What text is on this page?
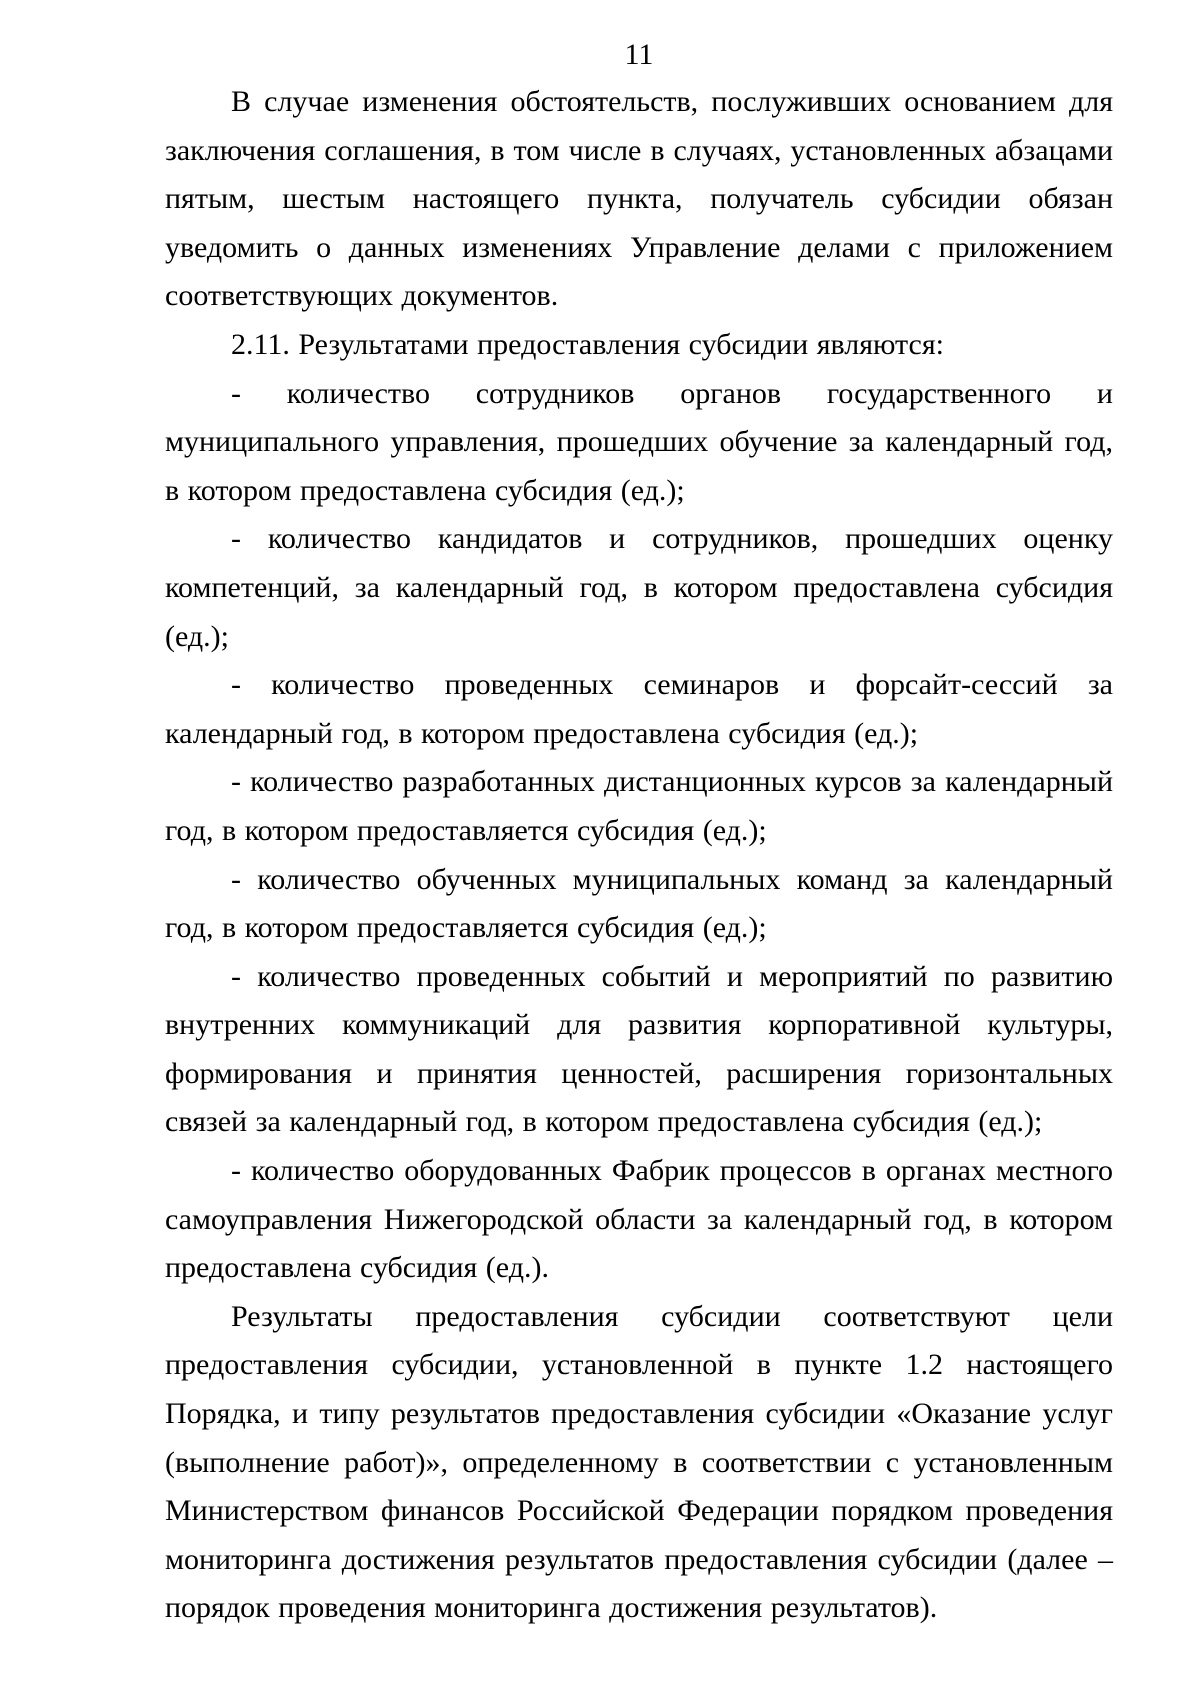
11

В случае изменения обстоятельств, послуживших основанием для заключения соглашения, в том числе в случаях, установленных абзацами пятым, шестым настоящего пункта, получатель субсидии обязан уведомить о данных изменениях Управление делами с приложением соответствующих документов.

2.11. Результатами предоставления субсидии являются:

- количество сотрудников органов государственного и муниципального управления, прошедших обучение за календарный год, в котором предоставлена субсидия (ед.);

- количество кандидатов и сотрудников, прошедших оценку компетенций, за календарный год, в котором предоставлена субсидия (ед.);

- количество проведенных семинаров и форсайт-сессий за календарный год, в котором предоставлена субсидия (ед.);

- количество разработанных дистанционных курсов за календарный год, в котором предоставляется субсидия (ед.);

- количество обученных муниципальных команд за календарный год, в котором предоставляется субсидия (ед.);

- количество проведенных событий и мероприятий по развитию внутренних коммуникаций для развития корпоративной культуры, формирования и принятия ценностей, расширения горизонтальных связей за календарный год, в котором предоставлена субсидия (ед.);

- количество оборудованных Фабрик процессов в органах местного самоуправления Нижегородской области за календарный год, в котором предоставлена субсидия (ед.).

Результаты предоставления субсидии соответствуют цели предоставления субсидии, установленной в пункте 1.2 настоящего Порядка, и типу результатов предоставления субсидии «Оказание услуг (выполнение работ)», определенному в соответствии с установленным Министерством финансов Российской Федерации порядком проведения мониторинга достижения результатов предоставления субсидии (далее – порядок проведения мониторинга достижения результатов).
